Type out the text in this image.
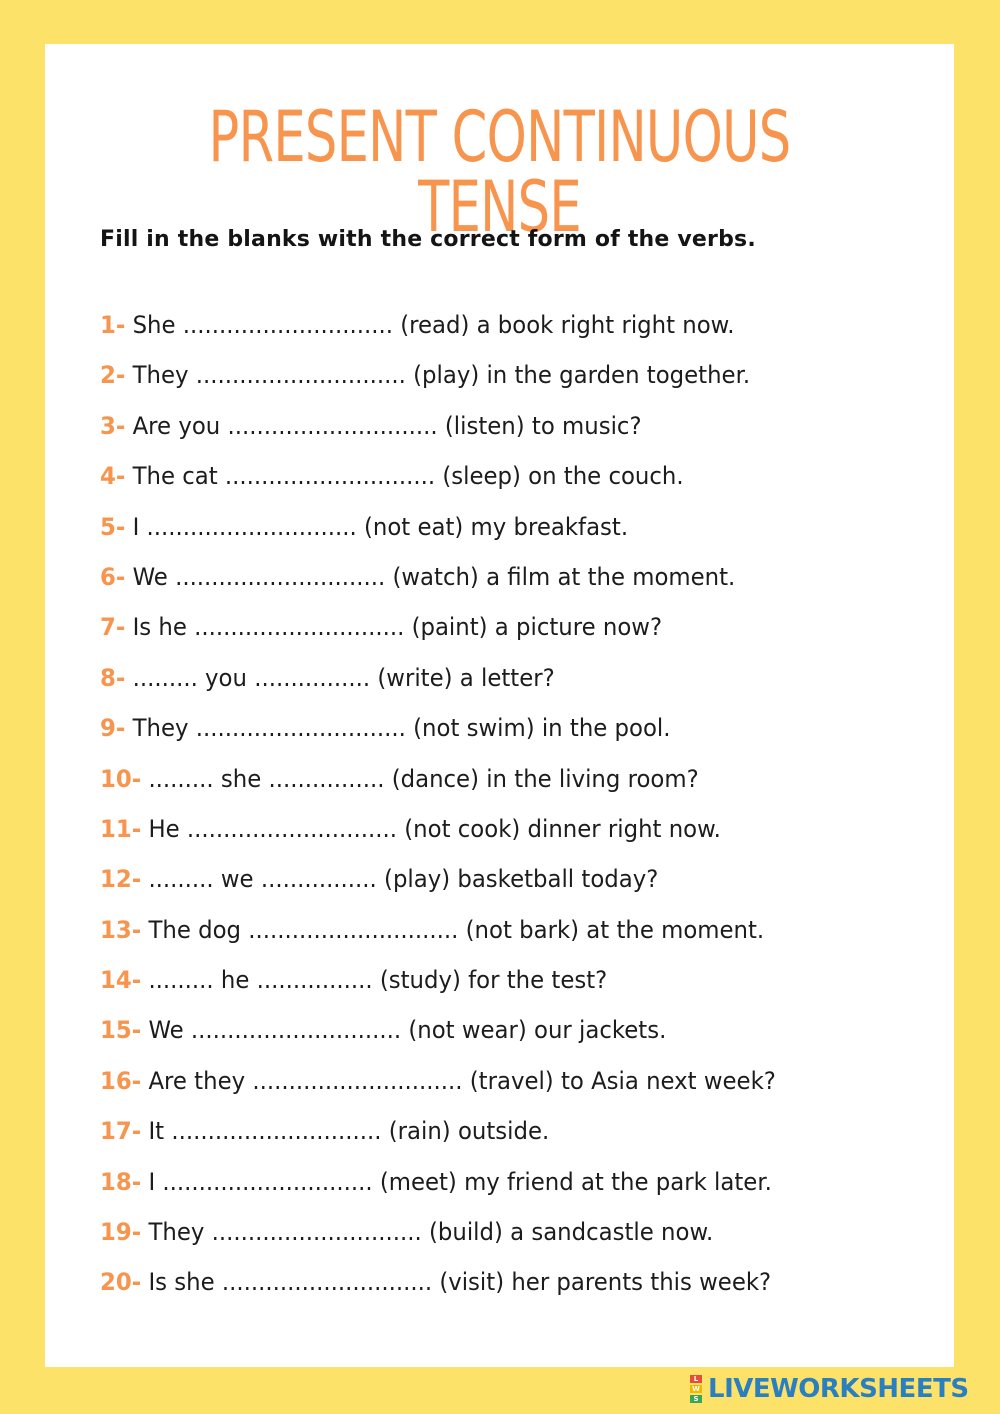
PRESENT CONTINUOUS TENSE

Fill in the blanks with the correct form of the verbs.

1- She ............................. (read) a book right right now.
2- They ............................. (play) in the garden together.
3- Are you ............................. (listen) to music?
4- The cat ............................. (sleep) on the couch.
5- I ............................. (not eat) my breakfast.
6- We ............................. (watch) a film at the moment.
7- Is he ............................. (paint) a picture now?
8- ......... you ................ (write) a letter?
9- They ............................. (not swim) in the pool.
10- ......... she ................ (dance) in the living room?
11- He ............................. (not cook) dinner right now.
12- ......... we ................ (play) basketball today?
13- The dog ............................. (not bark) at the moment.
14- ......... he ................ (study) for the test?
15- We ............................. (not wear) our jackets.
16- Are they ............................. (travel) to Asia next week?
17- It ............................. (rain) outside.
18- I ............................. (meet) my friend at the park later.
19- They ............................. (build) a sandcastle now.
20- Is she ............................. (visit) her parents this week?
L
W
S LIVEWORKSHEETS
